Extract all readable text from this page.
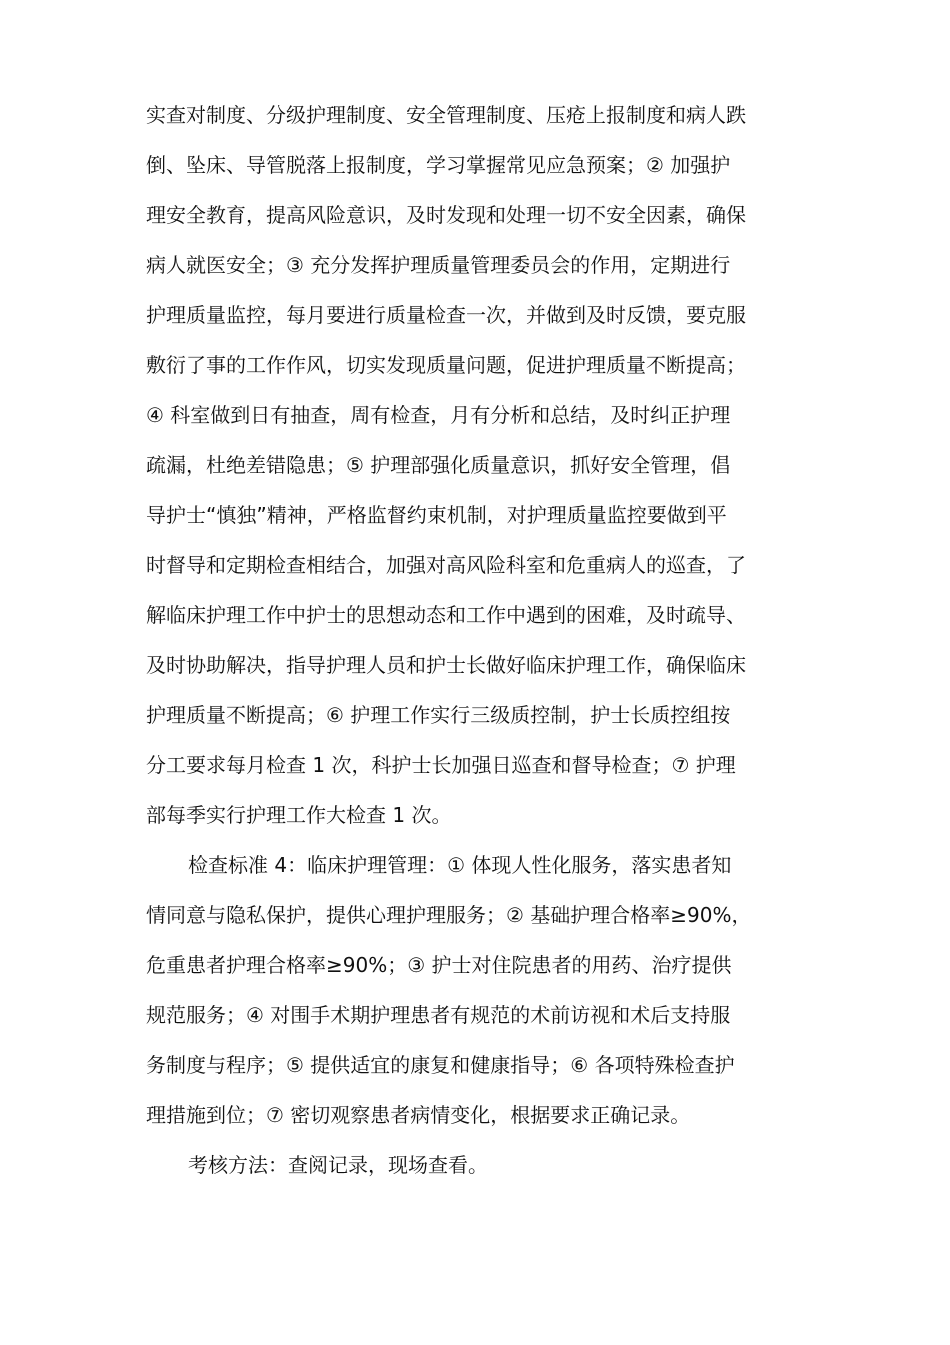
实查对制度、分级护理制度、安全管理制度、压疮上报制度和病人跌
倒、坠床、导管脱落上报制度，学习掌握常见应急预案；② 加强护
理安全教育，提高风险意识，及时发现和处理一切不安全因素，确保
病人就医安全；③ 充分发挥护理质量管理委员会的作用，定期进行
护理质量监控，每月要进行质量检查一次，并做到及时反馈，要克服
敷衍了事的工作作风，切实发现质量问题，促进护理质量不断提高；
④ 科室做到日有抽查，周有检查，月有分析和总结，及时纠正护理
疏漏，杜绝差错隐患；⑤ 护理部强化质量意识，抓好安全管理，倡
导护士“慎独”精神，严格监督约束机制，对护理质量监控要做到平
时督导和定期检查相结合，加强对高风险科室和危重病人的巡查，了
解临床护理工作中护士的思想动态和工作中遇到的困难，及时疏导、
及时协助解决，指导护理人员和护士长做好临床护理工作，确保临床
护理质量不断提高；⑥ 护理工作实行三级质控制，护士长质控组按
分工要求每月检查 1 次，科护士长加强日巡查和督导检查；⑦ 护理
部每季实行护理工作大检查 1 次。
检查标准 4：临床护理管理：① 体现人性化服务，落实患者知
情同意与隐私保护，提供心理护理服务；② 基础护理合格率≥90%，
危重患者护理合格率≥90%；③ 护士对住院患者的用药、治疗提供
规范服务；④ 对围手术期护理患者有规范的术前访视和术后支持服
务制度与程序；⑤ 提供适宜的康复和健康指导；⑥ 各项特殊检查护
理措施到位；⑦ 密切观察患者病情变化，根据要求正确记录。
考核方法：查阅记录，现场查看。
